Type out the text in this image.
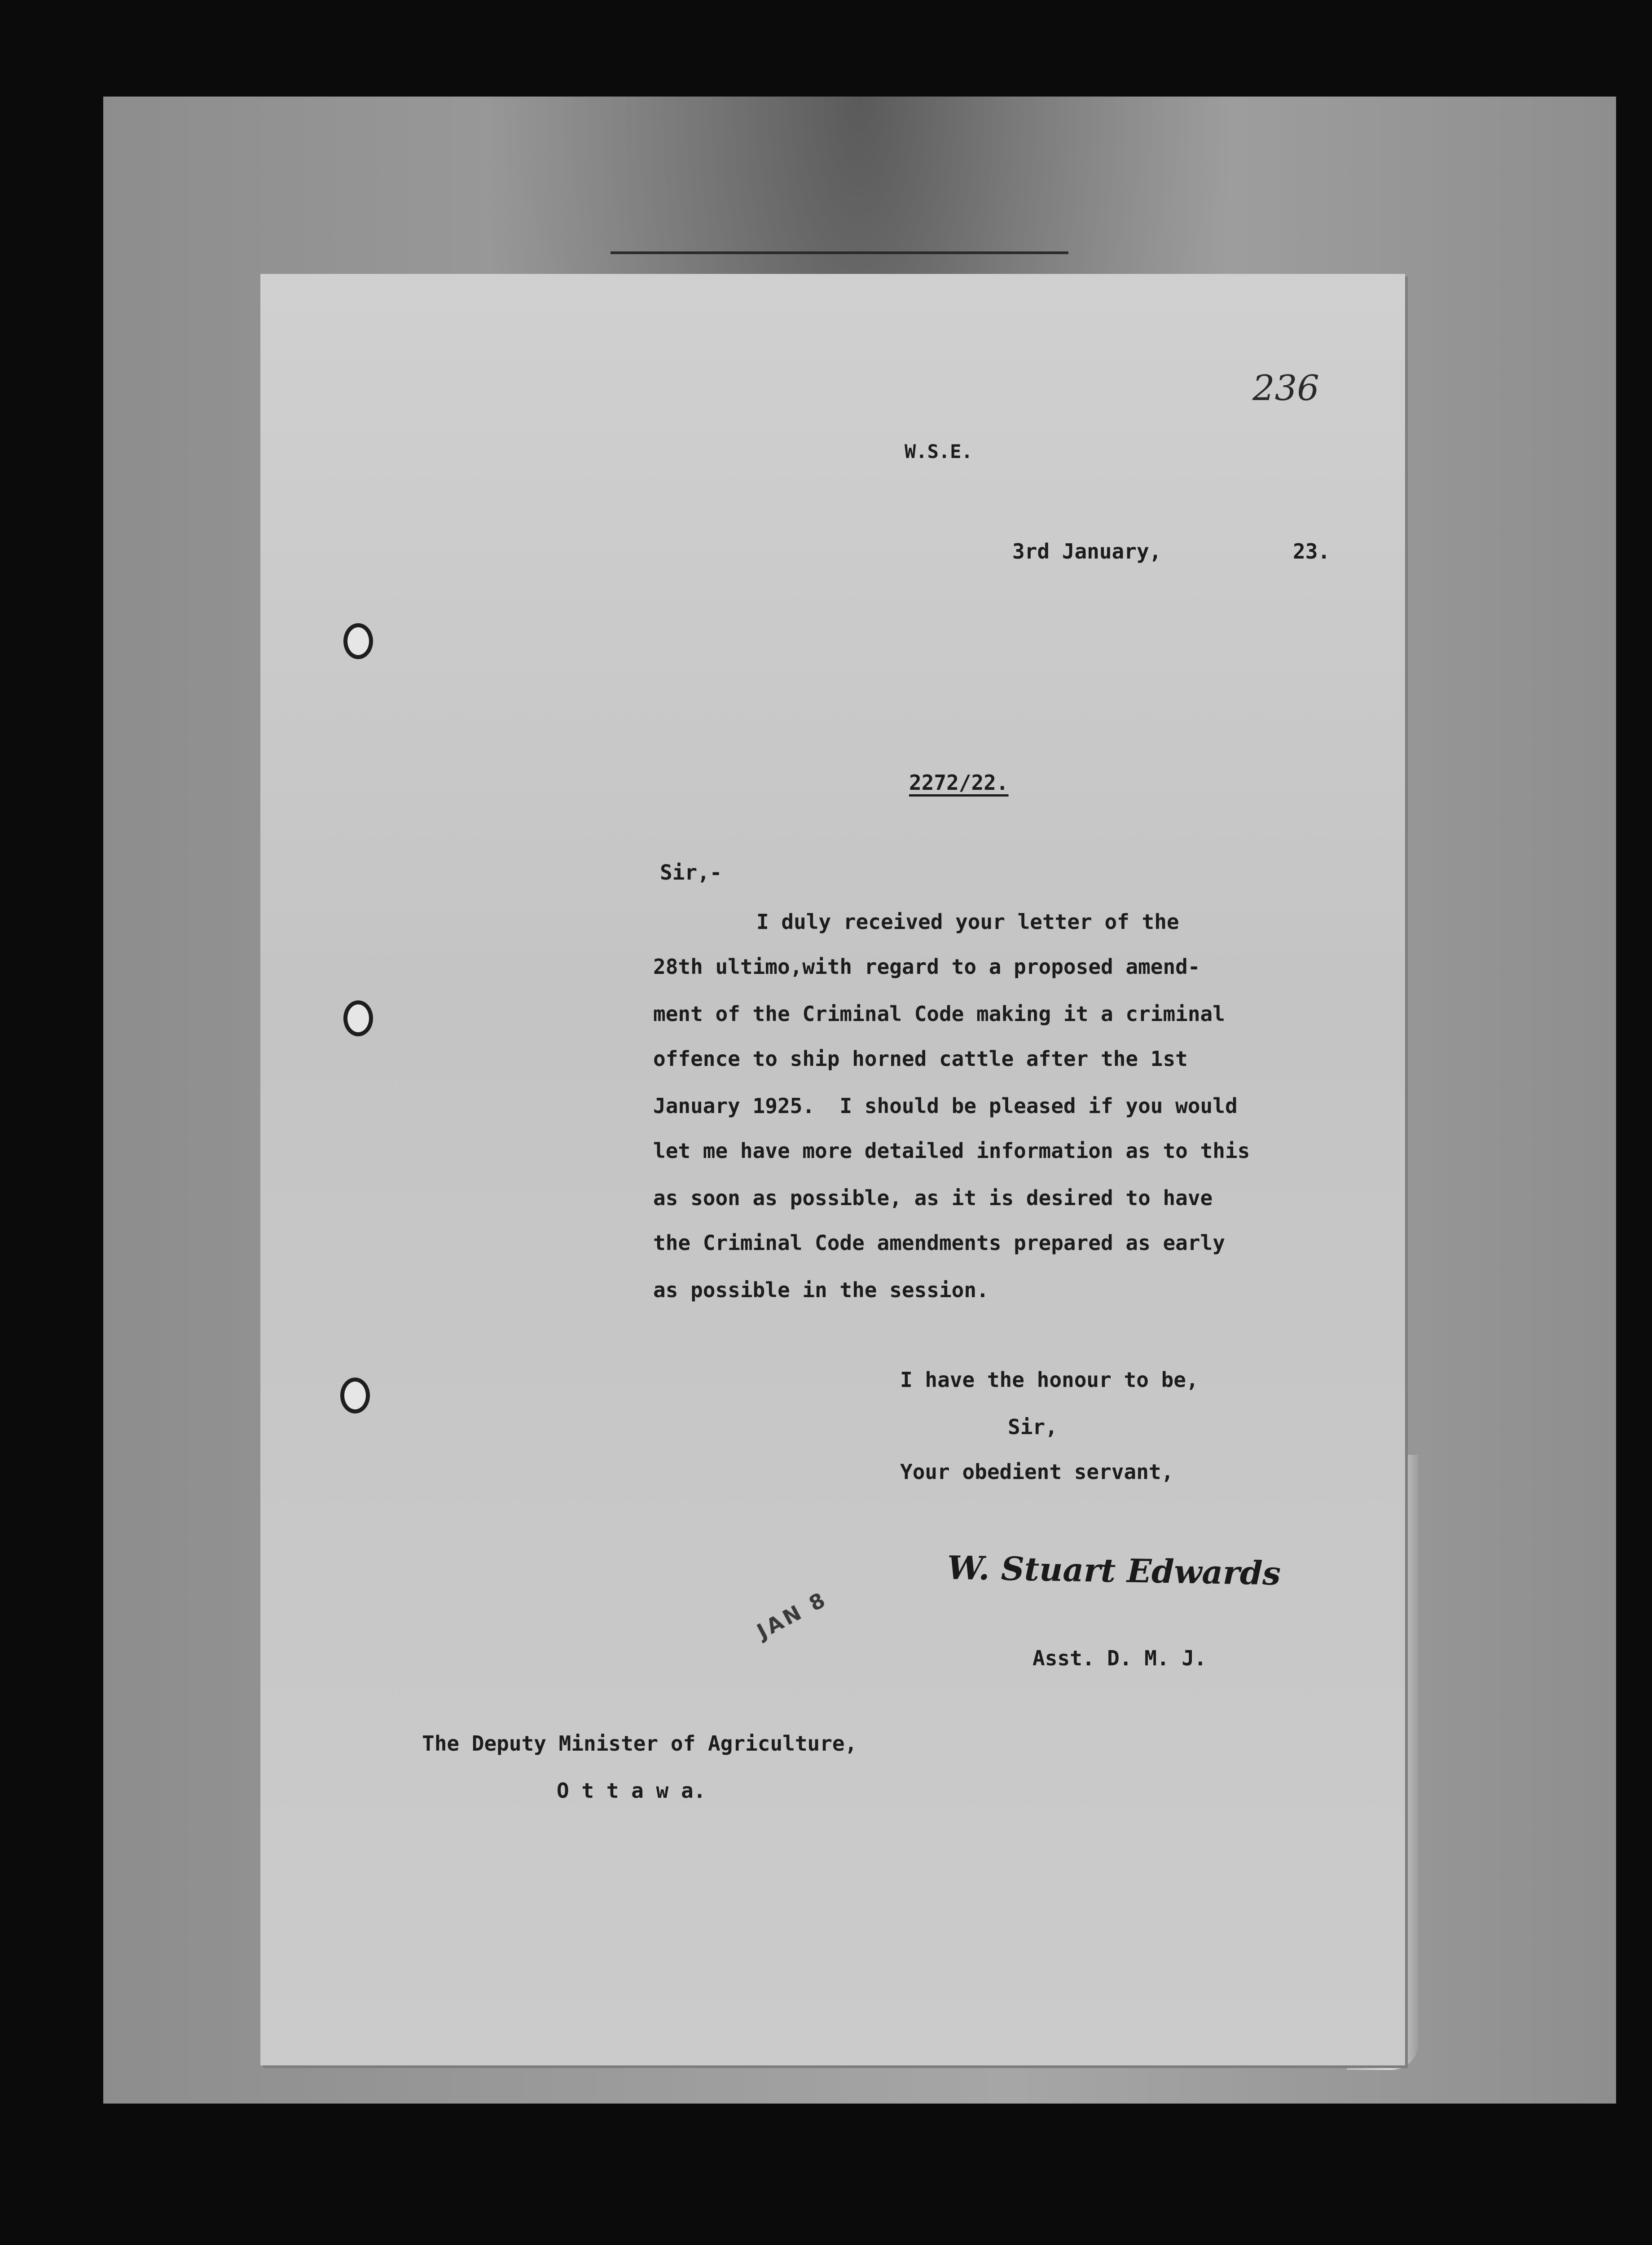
236
W.S.E.
3rd January,	23.
2272/22.
Sir,-
I duly received your letter of the
28th ultimo,with regard to a proposed amend-
ment of the Criminal Code making it a criminal
offence to ship horned cattle after the 1st
January 1925.  I should be pleased if you would
let me have more detailed information as to this
as soon as possible, as it is desired to have
the Criminal Code amendments prepared as early
as possible in the session.
I have the honour to be,
Sir,
Your obedient servant,
W. Stuart Edwards
JAN 8
Asst. D. M. J.
The Deputy Minister of Agriculture,
O t t a w a.
